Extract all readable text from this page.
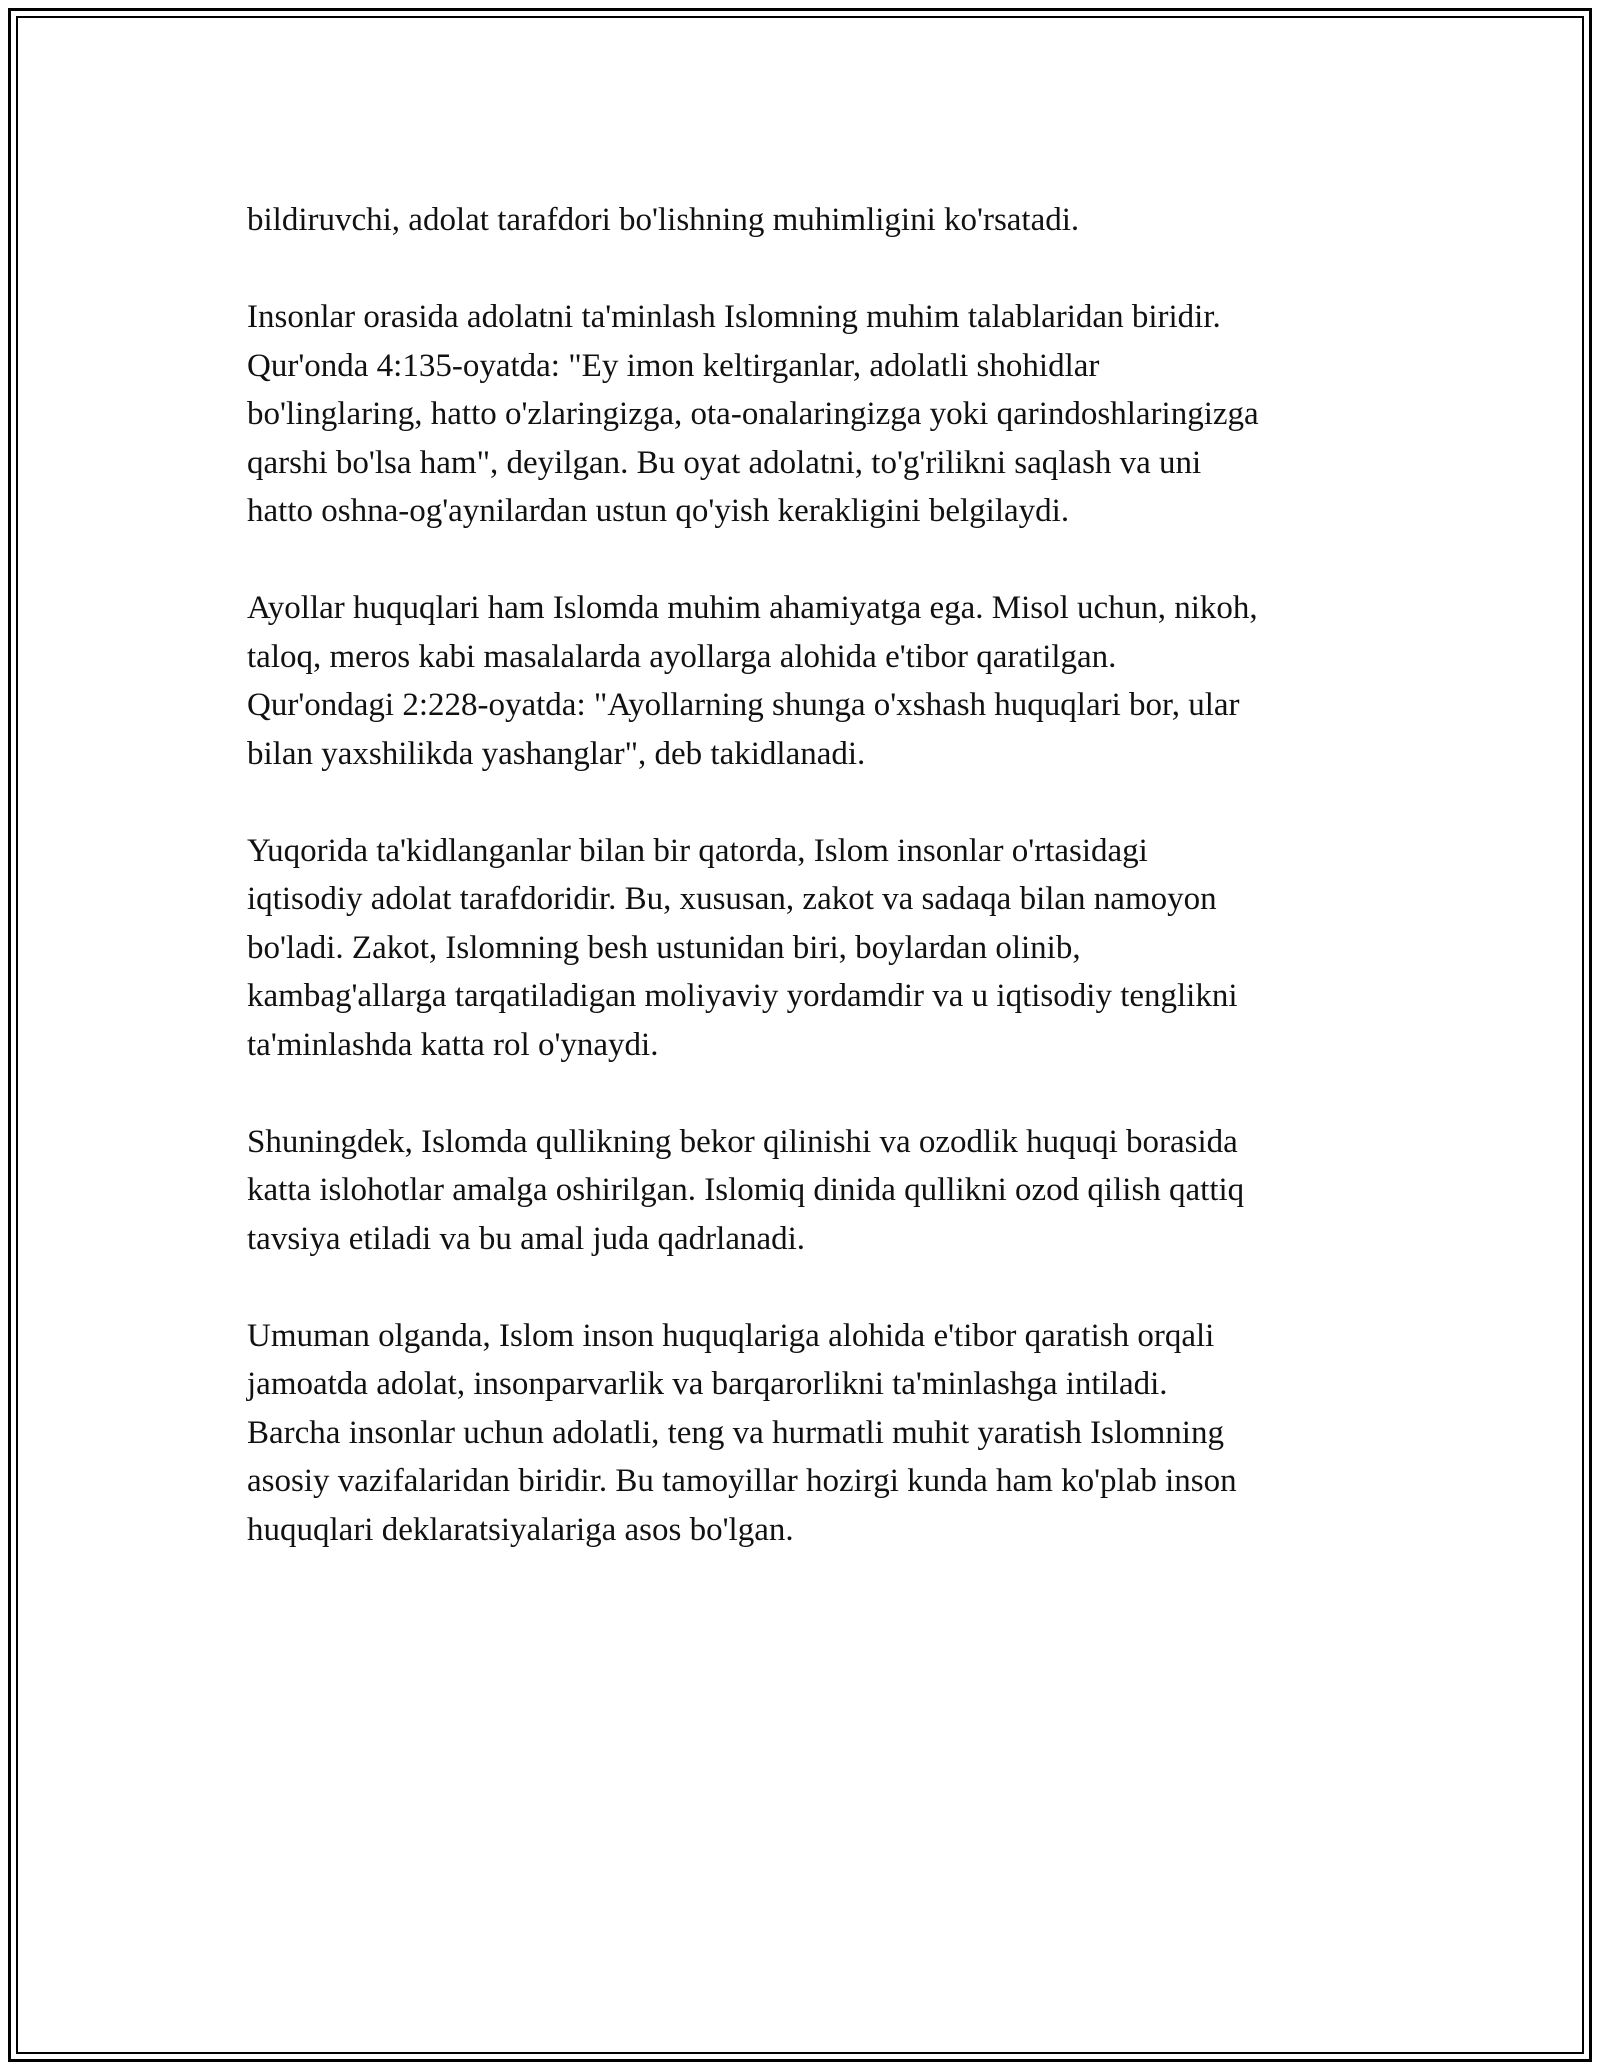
bildiruvchi, adolat tarafdori bo'lishning muhimligini ko'rsatadi.

Insonlar orasida adolatni ta'minlash Islomning muhim talablaridan biridir.
Qur'onda 4:135-oyatda: "Ey imon keltirganlar, adolatli shohidlar
bo'linglaring, hatto o'zlaringizga, ota-onalaringizga yoki qarindoshlaringizga
qarshi bo'lsa ham", deyilgan. Bu oyat adolatni, to'g'rilikni saqlash va uni
hatto oshna-og'aynilardan ustun qo'yish kerakligini belgilaydi.

Ayollar huquqlari ham Islomda muhim ahamiyatga ega. Misol uchun, nikoh,
taloq, meros kabi masalalarda ayollarga alohida e'tibor qaratilgan.
Qur'ondagi 2:228-oyatda: "Ayollarning shunga o'xshash huquqlari bor, ular
bilan yaxshilikda yashanglar", deb takidlanadi.

Yuqorida ta'kidlanganlar bilan bir qatorda, Islom insonlar o'rtasidagi
iqtisodiy adolat tarafdoridir. Bu, xususan, zakot va sadaqa bilan namoyon
bo'ladi. Zakot, Islomning besh ustunidan biri, boylardan olinib,
kambag'allarga tarqatiladigan moliyaviy yordamdir va u iqtisodiy tenglikni
ta'minlashda katta rol o'ynaydi.

Shuningdek, Islomda qullikning bekor qilinishi va ozodlik huquqi borasida
katta islohotlar amalga oshirilgan. Islomiq dinida qullikni ozod qilish qattiq
tavsiya etiladi va bu amal juda qadrlanadi.

Umuman olganda, Islom inson huquqlariga alohida e'tibor qaratish orqali
jamoatda adolat, insonparvarlik va barqarorlikni ta'minlashga intiladi.
Barcha insonlar uchun adolatli, teng va hurmatli muhit yaratish Islomning
asosiy vazifalaridan biridir. Bu tamoyillar hozirgi kunda ham ko'plab inson
huquqlari deklaratsiyalariga asos bo'lgan.
